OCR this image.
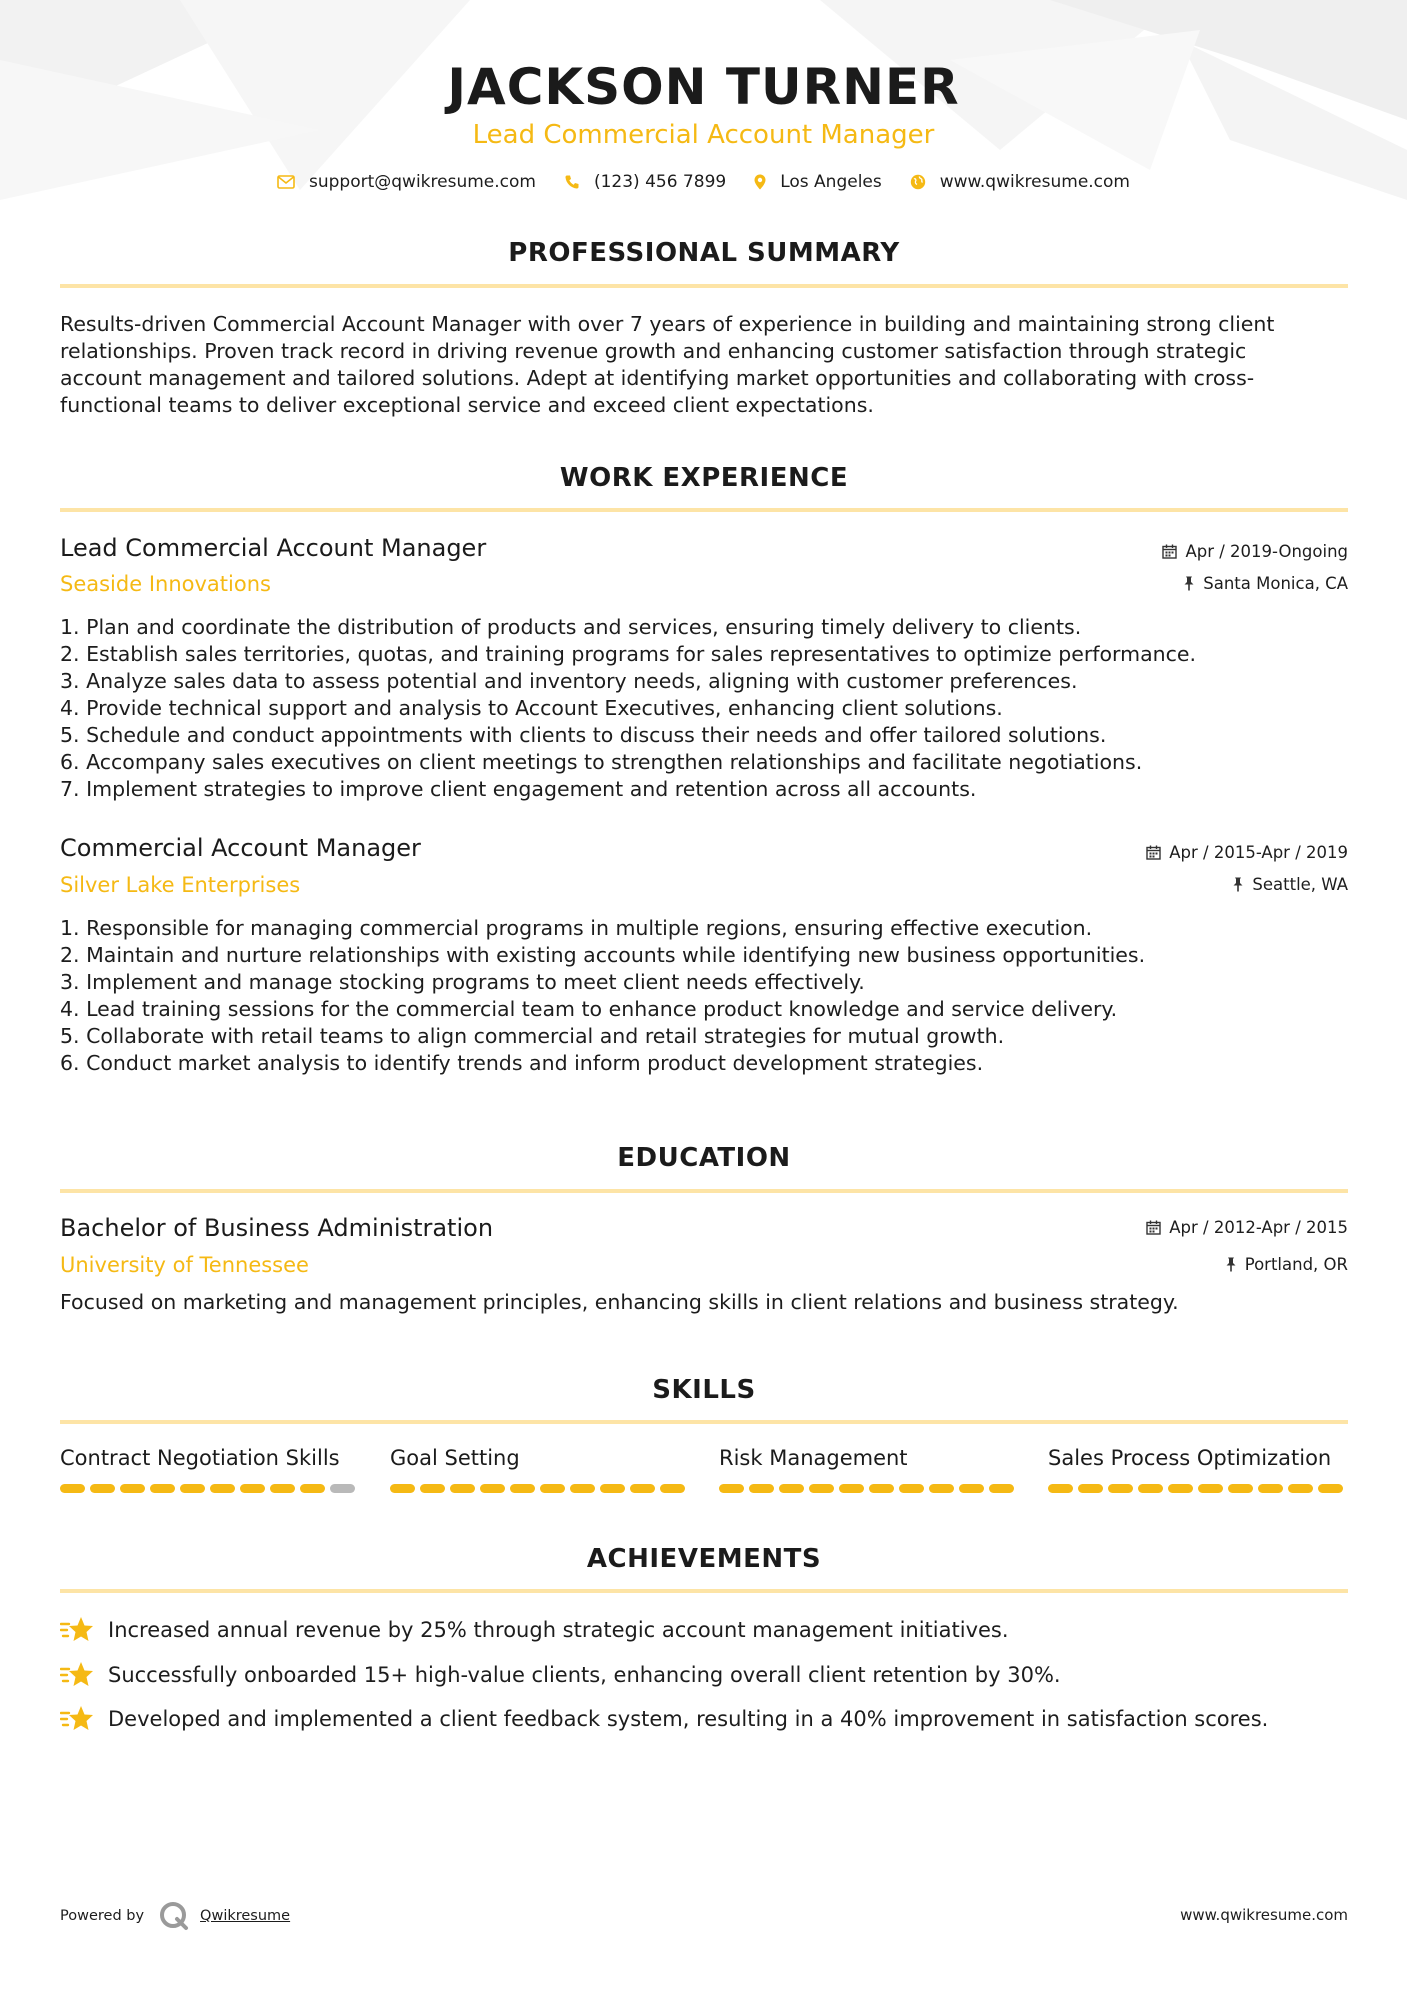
JACKSON TURNER
Lead Commercial Account Manager
support@qwikresume.com	(123) 456 7899	Los Angeles	www.qwikresume.com
PROFESSIONAL SUMMARY
Results-driven Commercial Account Manager with over 7 years of experience in building and maintaining strong client
relationships. Proven track record in driving revenue growth and enhancing customer satisfaction through strategic
account management and tailored solutions. Adept at identifying market opportunities and collaborating with cross-
functional teams to deliver exceptional service and exceed client expectations.
WORK EXPERIENCE
Lead Commercial Account Manager
Seaside Innovations
Apr / 2019-Ongoing
Santa Monica, CA
1. Plan and coordinate the distribution of products and services, ensuring timely delivery to clients.
2. Establish sales territories, quotas, and training programs for sales representatives to optimize performance.
3. Analyze sales data to assess potential and inventory needs, aligning with customer preferences.
4. Provide technical support and analysis to Account Executives, enhancing client solutions.
5. Schedule and conduct appointments with clients to discuss their needs and offer tailored solutions.
6. Accompany sales executives on client meetings to strengthen relationships and facilitate negotiations.
7. Implement strategies to improve client engagement and retention across all accounts.
Commercial Account Manager
Silver Lake Enterprises
Apr / 2015-Apr / 2019
Seattle, WA
1. Responsible for managing commercial programs in multiple regions, ensuring effective execution.
2. Maintain and nurture relationships with existing accounts while identifying new business opportunities.
3. Implement and manage stocking programs to meet client needs effectively.
4. Lead training sessions for the commercial team to enhance product knowledge and service delivery.
5. Collaborate with retail teams to align commercial and retail strategies for mutual growth.
6. Conduct market analysis to identify trends and inform product development strategies.
EDUCATION
Bachelor of Business Administration
University of Tennessee
Apr / 2012-Apr / 2015
Portland, OR
Focused on marketing and management principles, enhancing skills in client relations and business strategy.
SKILLS
Contract Negotiation Skills	Goal Setting	Risk Management	Sales Process Optimization
ACHIEVEMENTS
Increased annual revenue by 25% through strategic account management initiatives.
Successfully onboarded 15+ high-value clients, enhancing overall client retention by 30%.
Developed and implemented a client feedback system, resulting in a 40% improvement in satisfaction scores.
Powered by	Qwikresume	www.qwikresume.com
